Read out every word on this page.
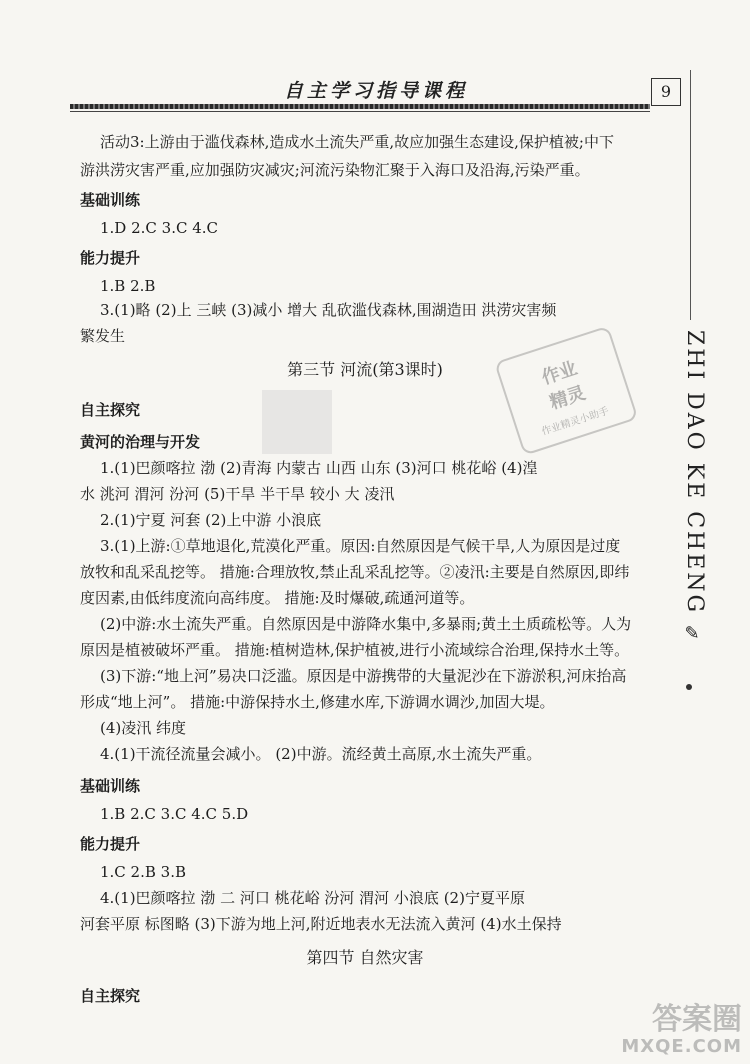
自主学习指导课程	9
ZHI DAO KE CHENG
✎
活动3:上游由于滥伐森林,造成水土流失严重,故应加强生态建设,保护植被;中下
游洪涝灾害严重,应加强防灾减灾;河流污染物汇聚于入海口及沿海,污染严重。
基础训练
1.D 2.C 3.C 4.C
能力提升
1.B 2.B
3.(1)略 (2)上 三峡 (3)减小 增大 乱砍滥伐森林,围湖造田 洪涝灾害频
繁发生
第三节 河流(第3课时)
自主探究
黄河的治理与开发
1.(1)巴颜喀拉 渤 (2)青海 内蒙古 山西 山东 (3)河口 桃花峪 (4)湟
水 洮河 渭河 汾河 (5)干旱 半干旱 较小 大 凌汛
2.(1)宁夏 河套 (2)上中游 小浪底
3.(1)上游:①草地退化,荒漠化严重。原因:自然原因是气候干旱,人为原因是过度
放牧和乱采乱挖等。 措施:合理放牧,禁止乱采乱挖等。②凌汛:主要是自然原因,即纬
度因素,由低纬度流向高纬度。 措施:及时爆破,疏通河道等。
(2)中游:水土流失严重。自然原因是中游降水集中,多暴雨;黄土土质疏松等。人为
原因是植被破坏严重。 措施:植树造林,保护植被,进行小流域综合治理,保持水土等。
(3)下游:“地上河”易决口泛滥。原因是中游携带的大量泥沙在下游淤积,河床抬高
形成“地上河”。 措施:中游保持水土,修建水库,下游调水调沙,加固大堤。
(4)凌汛 纬度
4.(1)干流径流量会减小。 (2)中游。流经黄土高原,水土流失严重。
基础训练
1.B 2.C 3.C 4.C 5.D
能力提升
1.C 2.B 3.B
4.(1)巴颜喀拉 渤 二 河口 桃花峪 汾河 渭河 小浪底 (2)宁夏平原
河套平原 标图略 (3)下游为地上河,附近地表水无法流入黄河 (4)水土保持
第四节 自然灾害
自主探究
作业
精灵
作业精灵小助手
答案圈
MXQE.COM
